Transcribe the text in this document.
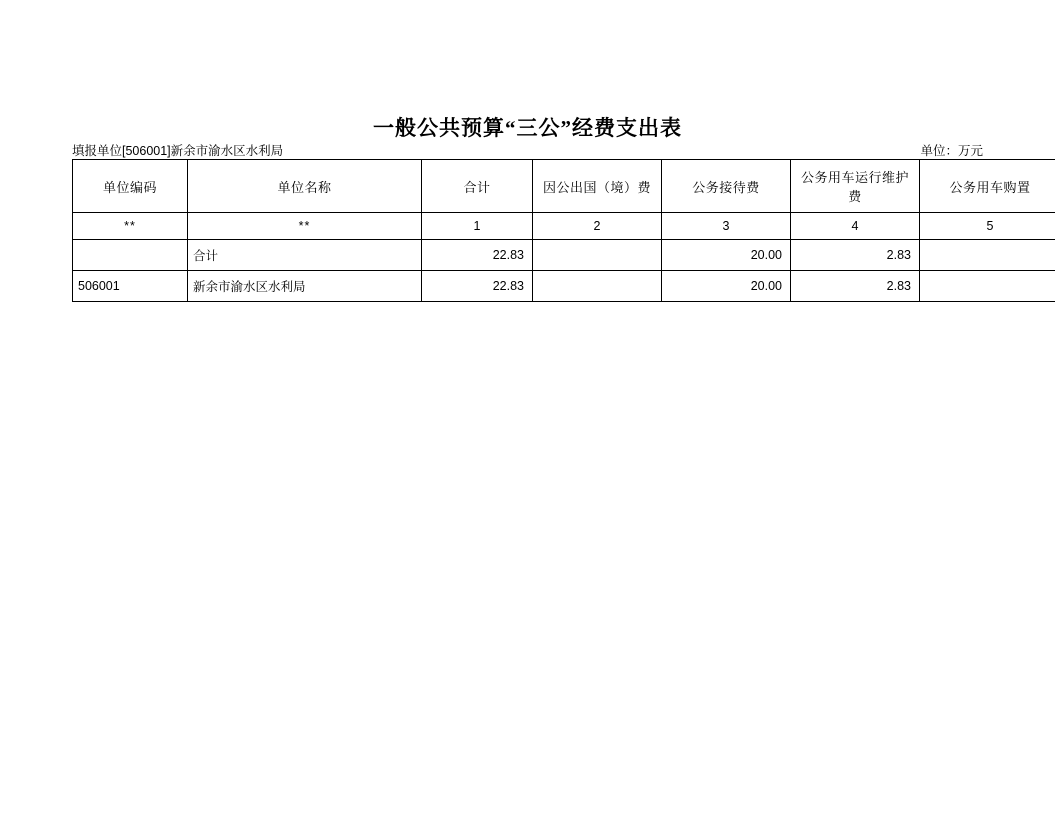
一般公共预算“三公”经费支出表
填报单位[506001]新余市渝水区水利局	单位：万元
单位编码	单位名称	合计	因公出国（境）费	公务接待费	公务用车运行维护费	公务用车购置
**	**	1	2	3	4	5
	合计	22.83		20.00	2.83	
506001	新余市渝水区水利局	22.83		20.00	2.83	
